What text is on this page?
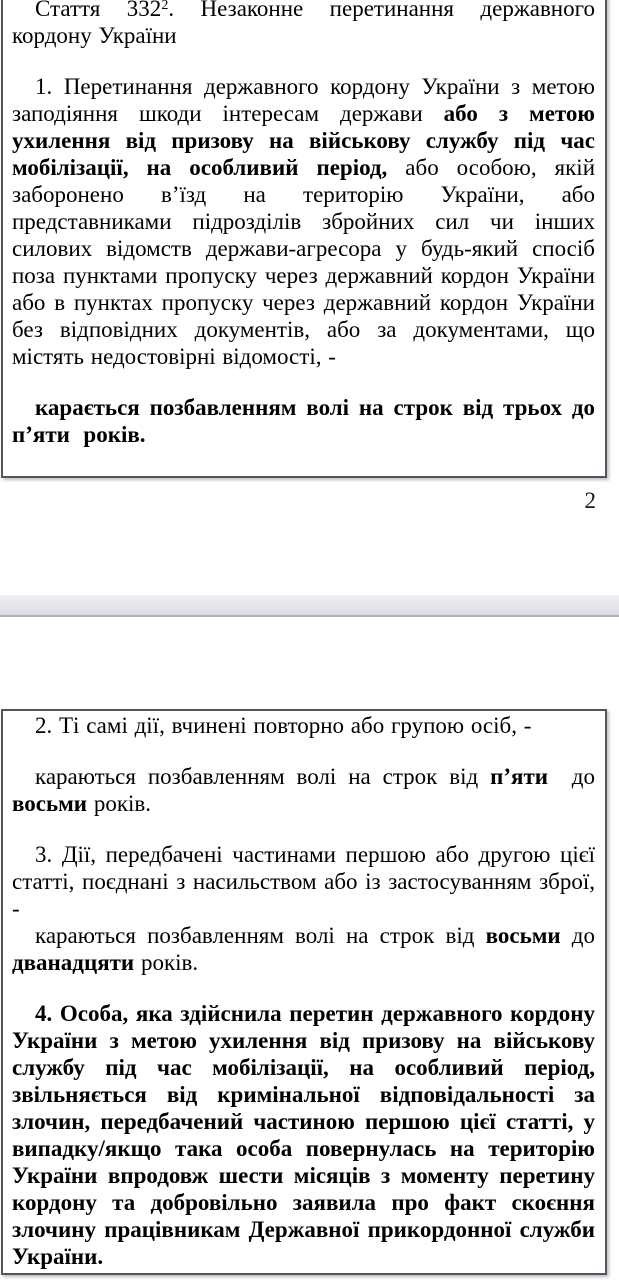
Стаття $332^2$. Незаконне перетинання державного кордону України

1. Перетинання державного кордону України з метою заподіяння шкоди інтересам держави або з метою ухилення від призову на військову службу під час мобілізації, на особливий період, або особою, якій заборонено в’їзд на територію України, або представниками підрозділів збройних сил чи інших силових відомств держави-агресора у будь-який спосіб поза пунктами пропуску через державний кордон України або в пунктах пропуску через державний кордон України без відповідних документів, або за документами, що містять недостовірні відомості, -

карається позбавленням волі на строк від трьох до п’яти  років.

2

2. Ті самі дії, вчинені повторно або групою осіб, -

караються позбавленням волі на строк від п’яти  до восьми років.

3. Дії, передбачені частинами першою або другою цієї статті, поєднані з насильством або із застосуванням зброї, -

караються позбавленням волі на строк від восьми до дванадцяти років.

4. Особа, яка здійснила перетин державного кордону України з метою ухилення від призову на військову службу під час мобілізації, на особливий період, звільняється від кримінальної відповідальності за злочин, передбачений частиною першою цієї статті, у випадку/якщо така особа повернулась на територію України впродовж шести місяців з моменту перетину кордону та добровільно заявила про факт скоєння злочину працівникам Державної прикордонної служби України.
